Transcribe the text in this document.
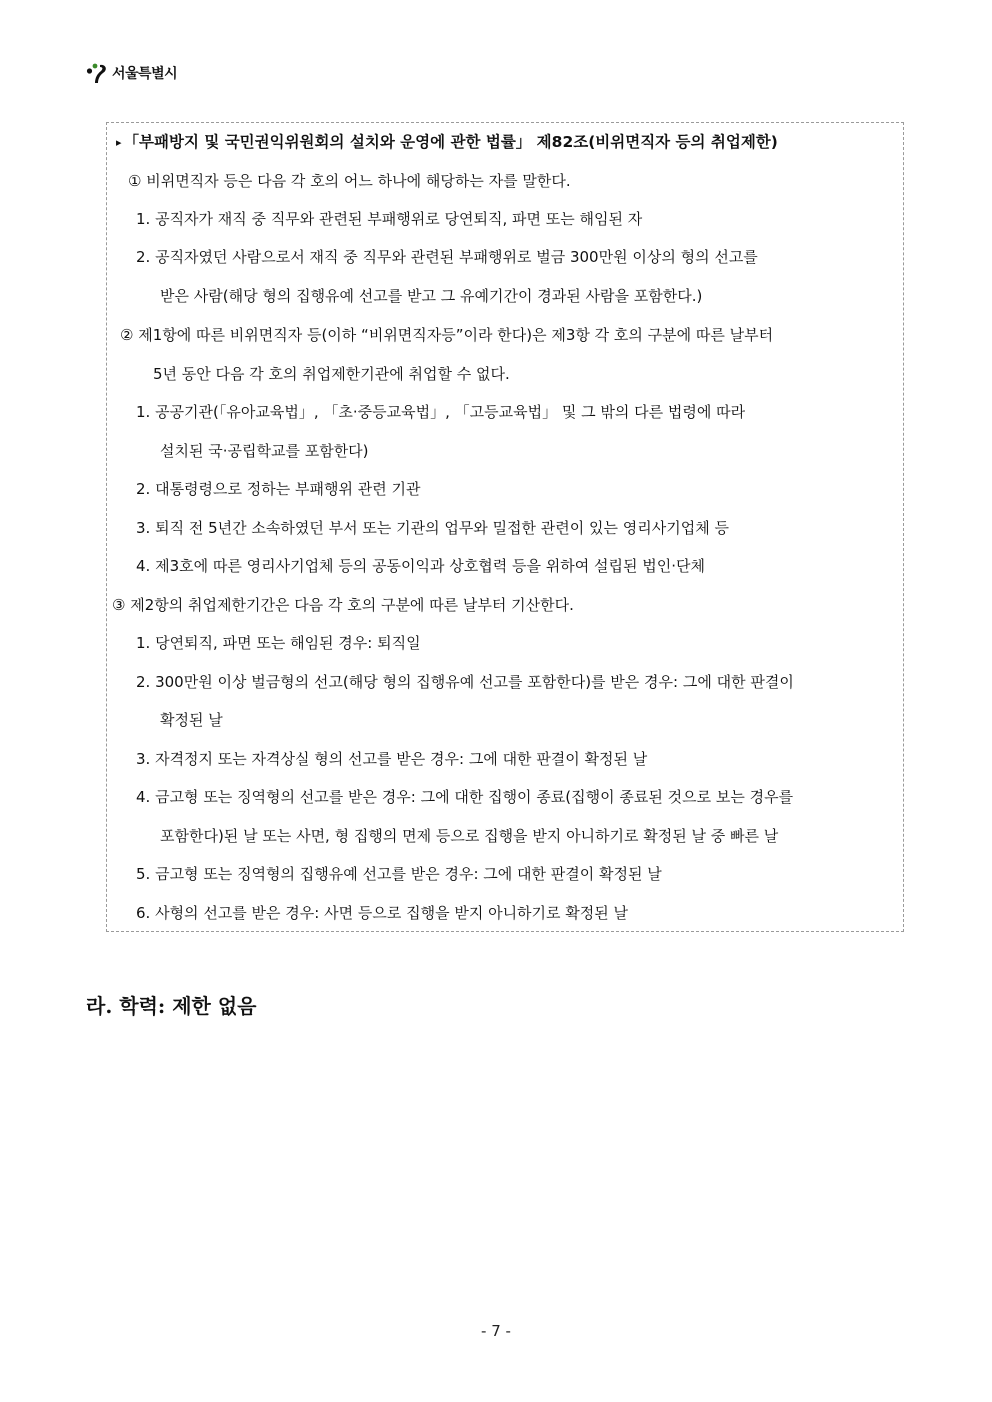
서울특별시
▸ 「부패방지 및 국민권익위원회의 설치와 운영에 관한 법률」 제82조(비위면직자 등의 취업제한)
① 비위면직자 등은 다음 각 호의 어느 하나에 해당하는 자를 말한다.
1. 공직자가 재직 중 직무와 관련된 부패행위로 당연퇴직, 파면 또는 해임된 자
2. 공직자였던 사람으로서 재직 중 직무와 관련된 부패행위로 벌금 300만원 이상의 형의 선고를
받은 사람(해당 형의 집행유예 선고를 받고 그 유예기간이 경과된 사람을 포함한다.)
② 제1항에 따른 비위면직자 등(이하 “비위면직자등”이라 한다)은 제3항 각 호의 구분에 따른 날부터
5년 동안 다음 각 호의 취업제한기관에 취업할 수 없다.
1. 공공기관(「유아교육법」, 「초·중등교육법」, 「고등교육법」 및 그 밖의 다른 법령에 따라
설치된 국·공립학교를 포함한다)
2. 대통령령으로 정하는 부패행위 관련 기관
3. 퇴직 전 5년간 소속하였던 부서 또는 기관의 업무와 밀접한 관련이 있는 영리사기업체 등
4. 제3호에 따른 영리사기업체 등의 공동이익과 상호협력 등을 위하여 설립된 법인·단체
③ 제2항의 취업제한기간은 다음 각 호의 구분에 따른 날부터 기산한다.
1. 당연퇴직, 파면 또는 해임된 경우: 퇴직일
2. 300만원 이상 벌금형의 선고(해당 형의 집행유예 선고를 포함한다)를 받은 경우: 그에 대한 판결이
확정된 날
3. 자격정지 또는 자격상실 형의 선고를 받은 경우: 그에 대한 판결이 확정된 날
4. 금고형 또는 징역형의 선고를 받은 경우: 그에 대한 집행이 종료(집행이 종료된 것으로 보는 경우를
포함한다)된 날 또는 사면, 형 집행의 면제 등으로 집행을 받지 아니하기로 확정된 날 중 빠른 날
5. 금고형 또는 징역형의 집행유예 선고를 받은 경우: 그에 대한 판결이 확정된 날
6. 사형의 선고를 받은 경우: 사면 등으로 집행을 받지 아니하기로 확정된 날
라. 학력: 제한 없음
- 7 -
